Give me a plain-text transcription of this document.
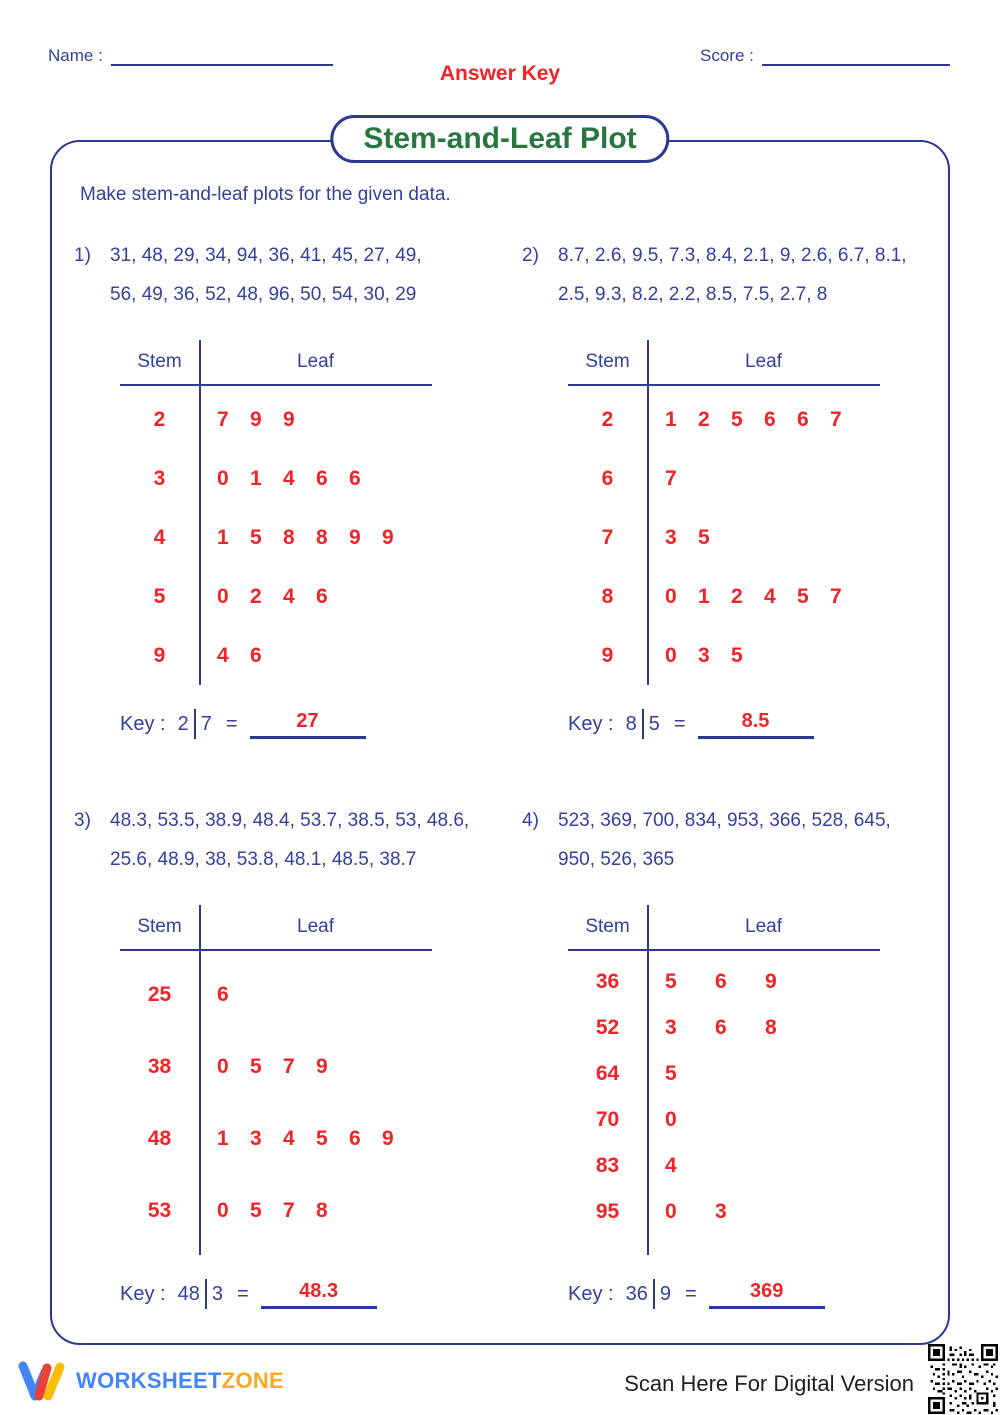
Name :
Answer Key
Score :
Stem-and-Leaf Plot
Make stem-and-leaf plots for the given data.
1)	31, 48, 29, 34, 94, 36, 41, 45, 27, 49,
56, 49, 36, 52, 48, 96, 50, 54, 30, 29
Stem	Leaf
2	7 9 9
3	0 1 4 6 6
4	1 5 8 8 9 9
5	0 2 4 6
9	4 6
Key : 2 7 =	27
2)	8.7, 2.6, 9.5, 7.3, 8.4, 2.1, 9, 2.6, 6.7, 8.1,
2.5, 9.3, 8.2, 2.2, 8.5, 7.5, 2.7, 8
Stem	Leaf
2	1 2 5 6 6 7
6	7
7	3 5
8	0 1 2 4 5 7
9	0 3 5
Key : 8 5 =	8.5
3)	48.3, 53.5, 38.9, 48.4, 53.7, 38.5, 53, 48.6,
25.6, 48.9, 38, 53.8, 48.1, 48.5, 38.7
Stem	Leaf
25	6
38	0 5 7 9
48	1 3 4 5 6 9
53	0 5 7 8
Key : 48 3 =	48.3
4)	523, 369, 700, 834, 953, 366, 528, 645,
950, 526, 365
Stem	Leaf
36	5 6 9
52	3 6 8
64	5
70	0
83	4
95	0 3
Key : 36 9 =	369
WORKSHEETZONE	Scan Here For Digital Version
